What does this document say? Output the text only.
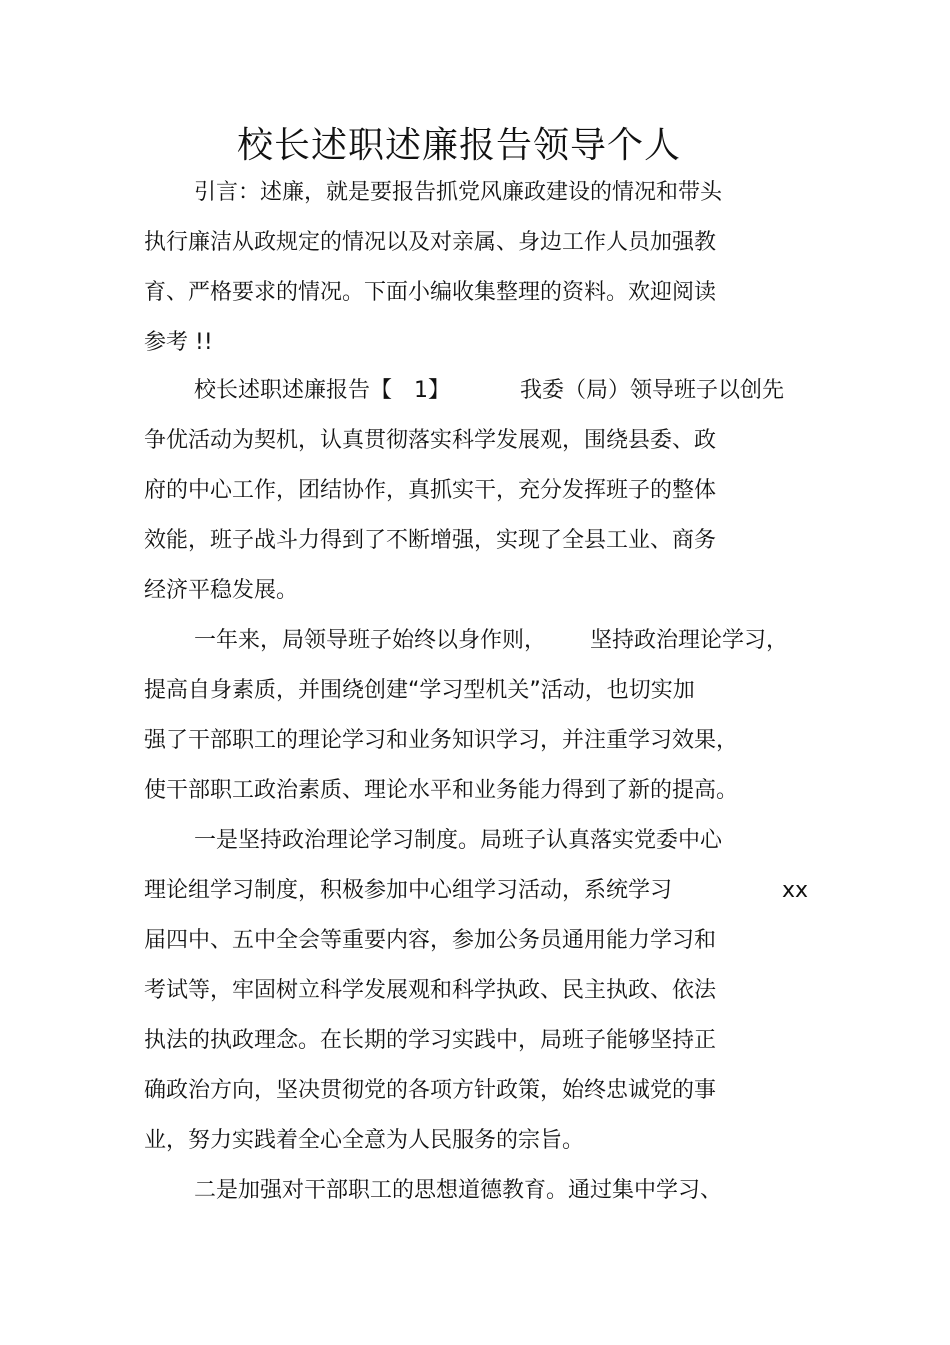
校长述职述廉报告领导个人
引言：述廉，就是要报告抓党风廉政建设的情况和带头
执行廉洁从政规定的情况以及对亲属、身边工作人员加强教
育、严格要求的情况。下面小编收集整理的资料。欢迎阅读
参考 !!
校长述职述廉报告【　1】	我委（局）领导班子以创先
争优活动为契机，认真贯彻落实科学发展观，围绕县委、政
府的中心工作，团结协作，真抓实干，充分发挥班子的整体
效能，班子战斗力得到了不断增强，实现了全县工业、商务
经济平稳发展。
一年来，局领导班子始终以身作则， 坚持政治理论学习，
提高自身素质，并围绕创建“学习型机关”活动，也切实加
强了干部职工的理论学习和业务知识学习，并注重学习效果，
使干部职工政治素质、理论水平和业务能力得到了新的提高。
一是坚持政治理论学习制度。局班子认真落实党委中心
理论组学习制度，积极参加中心组学习活动，系统学习	xx
届四中、五中全会等重要内容，参加公务员通用能力学习和
考试等，牢固树立科学发展观和科学执政、民主执政、依法
执法的执政理念。在长期的学习实践中，局班子能够坚持正
确政治方向，坚决贯彻党的各项方针政策，始终忠诚党的事
业，努力实践着全心全意为人民服务的宗旨。
二是加强对干部职工的思想道德教育。通过集中学习、
